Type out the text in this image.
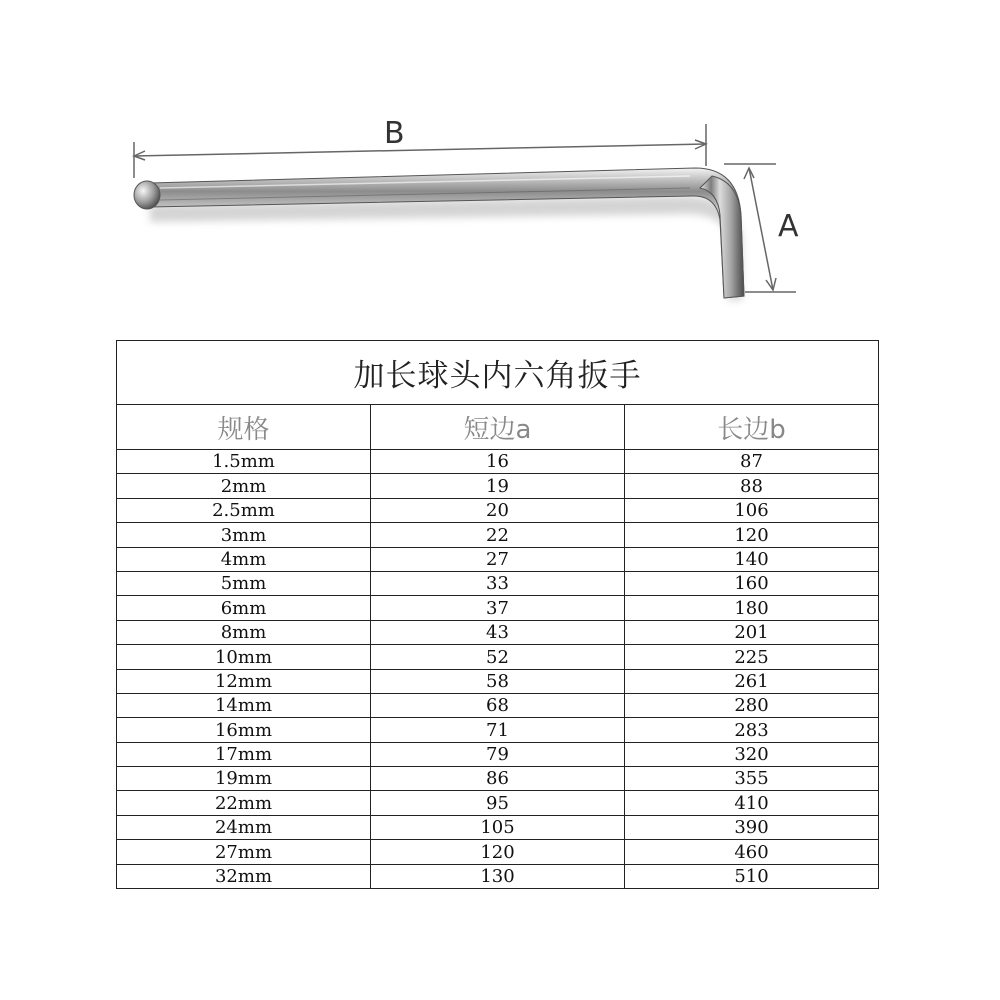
B
A
加长球头内六角扳手		
规格	短边a	长边b
1.5mm	16	87
2mm	19	88
2.5mm	20	106
3mm	22	120
4mm	27	140
5mm	33	160
6mm	37	180
8mm	43	201
10mm	52	225
12mm	58	261
14mm	68	280
16mm	71	283
17mm	79	320
19mm	86	355
22mm	95	410
24mm	105	390
27mm	120	460
32mm	130	510
